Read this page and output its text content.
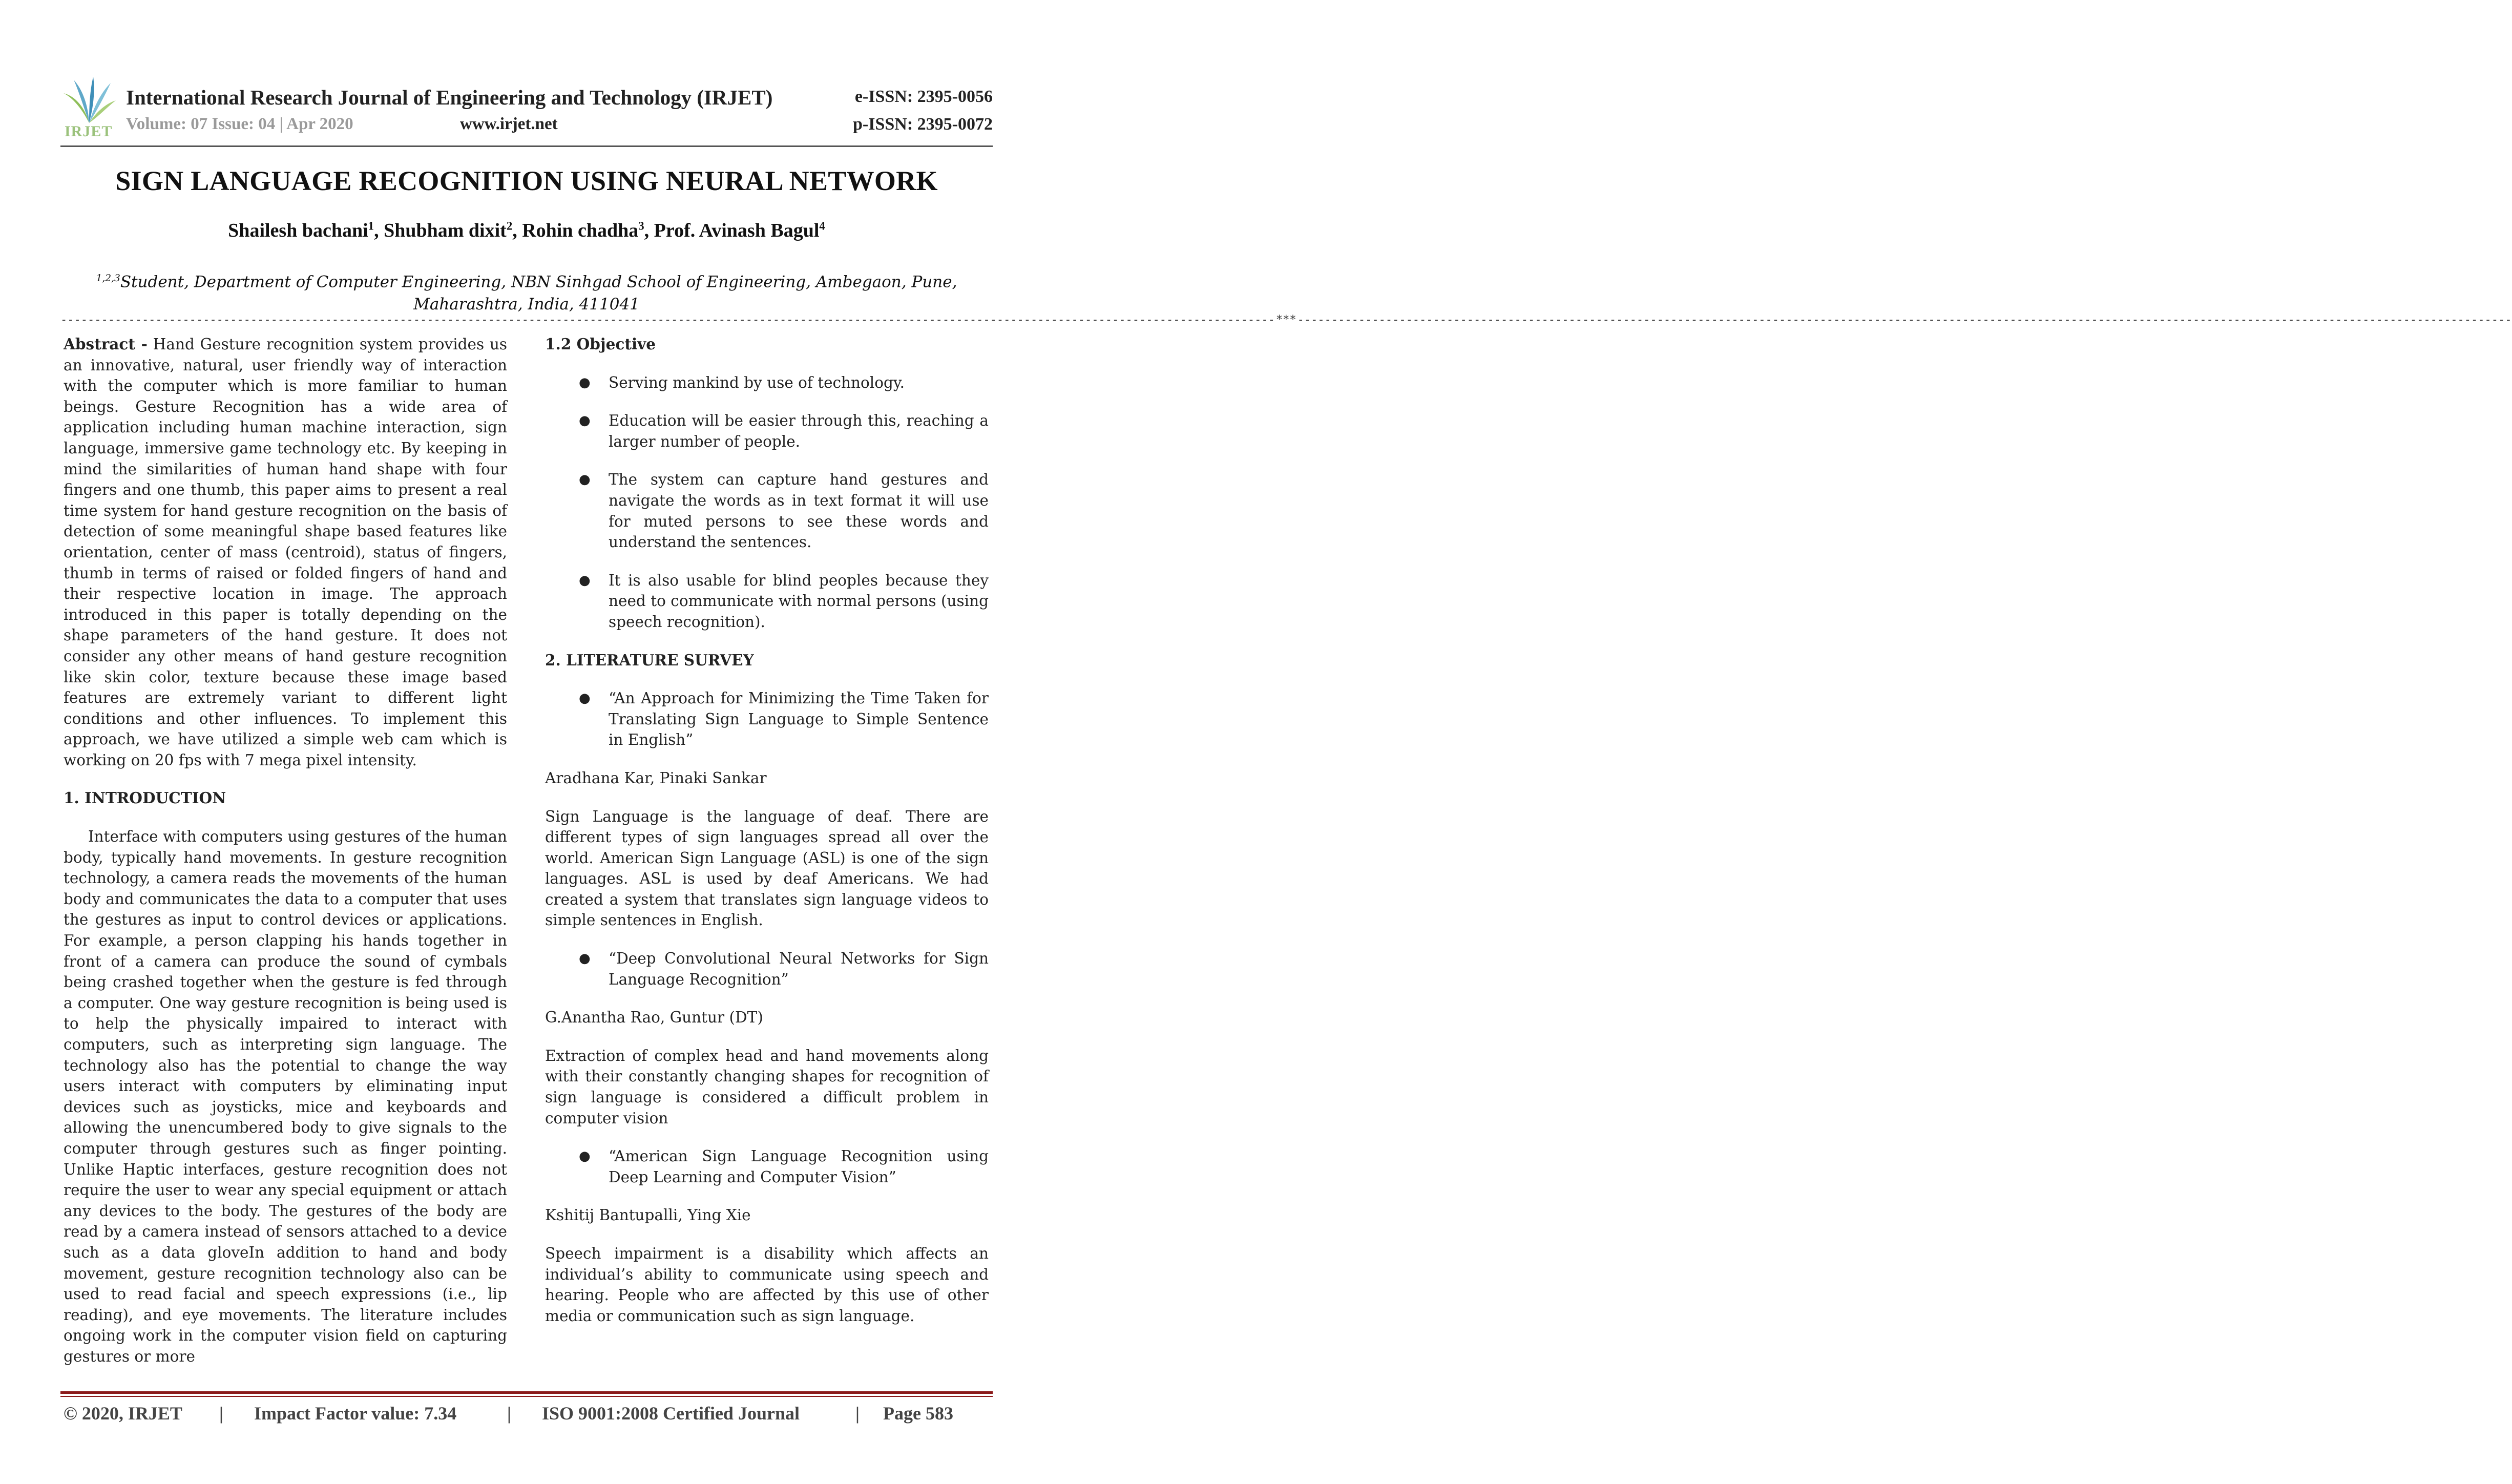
IRJET
International Research Journal of Engineering and Technology (IRJET)	e-ISSN: 2395-0056
Volume: 07 Issue: 04 | Apr 2020	www.irjet.net	p-ISSN: 2395-0072
SIGN LANGUAGE RECOGNITION USING NEURAL NETWORK
Shailesh bachani$^1$, Shubham dixit$^2$, Rohin chadha$^3$, Prof. Avinash Bagul$^4$
$^{1,2,3}$Student, Department of Computer Engineering, NBN Sinhgad School of Engineering, Ambegaon, Pune,
Maharashtra, India, 411041
----------------------------------------------------------------------------------------------------------------------------------------------------------------------------------- *** -----------------------------------------------------------------------------------------------------------------------------------------------------------------------------------

Abstract - Hand Gesture recognition system provides us an innovative, natural, user friendly way of interaction with the computer which is more familiar to human beings. Gesture Recognition has a wide area of application including human machine interaction, sign language, immersive game technology etc. By keeping in mind the similarities of human hand shape with four fingers and one thumb, this paper aims to present a real time system for hand gesture recognition on the basis of detection of some meaningful shape based features like orientation, center of mass (centroid), status of fingers, thumb in terms of raised or folded fingers of hand and their respective location in image. The approach introduced in this paper is totally depending on the shape parameters of the hand gesture. It does not consider any other means of hand gesture recognition like skin color, texture because these image based features are extremely variant to different light conditions and other influences. To implement this approach, we have utilized a simple web cam which is working on 20 fps with 7 mega pixel intensity.

1. INTRODUCTION

Interface with computers using gestures of the human body, typically hand movements. In gesture recognition technology, a camera reads the movements of the human body and communicates the data to a computer that uses the gestures as input to control devices or applications. For example, a person clapping his hands together in front of a camera can produce the sound of cymbals being crashed together when the gesture is fed through a computer. One way gesture recognition is being used is to help the physically impaired to interact with computers, such as interpreting sign language. The technology also has the potential to change the way users interact with computers by eliminating input devices such as joysticks, mice and keyboards and allowing the unencumbered body to give signals to the computer through gestures such as finger pointing. Unlike Haptic interfaces, gesture recognition does not require the user to wear any special equipment or attach any devices to the body. The gestures of the body are read by a camera instead of sensors attached to a device such as a data gloveIn addition to hand and body movement, gesture recognition technology also can be used to read facial and speech expressions (i.e., lip reading), and eye movements. The literature includes ongoing work in the computer vision field on capturing gestures or more

1.2 Objective

● Serving mankind by use of technology.
● Education will be easier through this, reaching a larger number of people.
● The system can capture hand gestures and navigate the words as in text format it will use for muted persons to see these words and understand the sentences.
● It is also usable for blind peoples because they need to communicate with normal persons (using speech recognition).

2. LITERATURE SURVEY

● “An Approach for Minimizing the Time Taken for Translating Sign Language to Simple Sentence in English”

Aradhana Kar, Pinaki Sankar

Sign Language is the language of deaf. There are different types of sign languages spread all over the world. American Sign Language (ASL) is one of the sign languages. ASL is used by deaf Americans. We had created a system that translates sign language videos to simple sentences in English.

● “Deep Convolutional Neural Networks for Sign Language Recognition”

G.Anantha Rao, Guntur (DT)

Extraction of complex head and hand movements along with their constantly changing shapes for recognition of sign language is considered a difficult problem in computer vision

● “American Sign Language Recognition using Deep Learning and Computer Vision”

Kshitij Bantupalli, Ying Xie

Speech impairment is a disability which affects an individual’s ability to communicate using speech and hearing. People who are affected by this use of other media or communication such as sign language.

© 2020, IRJET | Impact Factor value: 7.34	| ISO 9001:2008 Certified Journal	| Page 583
